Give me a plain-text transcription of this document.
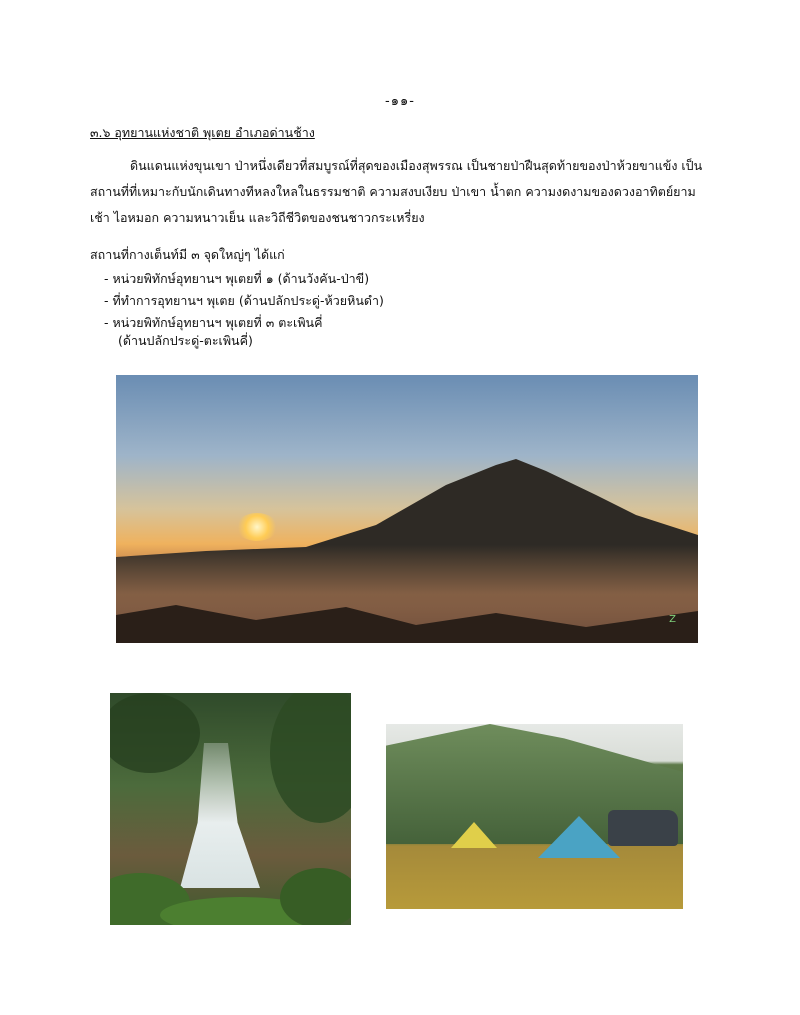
-๑๑-
๓.๖ อุทยานแห่งชาติ พุเตย อำเภอด่านช้าง
ดินแดนแห่งขุนเขา ป่าหนึ่งเดียวที่สมบูรณ์ที่สุดของเมืองสุพรรณ เป็นชายป่าฝืนสุดท้ายของป่าห้วยขาแข้ง เป็นสถานที่ที่เหมาะกับนักเดินทางทีหลงใหลในธรรมชาติ ความสงบเงียบ ป่าเขา น้ำตก ความงดงามของดวงอาทิตย์ยามเช้า ไอหมอก ความหนาวเย็น และวิถีชีวิตของชนชาวกระเหรี่ยง
สถานที่กางเต็นท์มี ๓ จุดใหญ่ๆ ได้แก่
- หน่วยพิทักษ์อุทยานฯ พุเตยที่ ๑ (ด้านวังคัน-ป่าขี)
- ที่ทำการอุทยานฯ พุเตย (ด้านปลักประดู่-ห้วยหินดำ)
- หน่วยพิทักษ์อุทยานฯ พุเตยที่ ๓ ตะเพินคี่
(ด้านปลักประดู่-ตะเพินคี่)
Z
